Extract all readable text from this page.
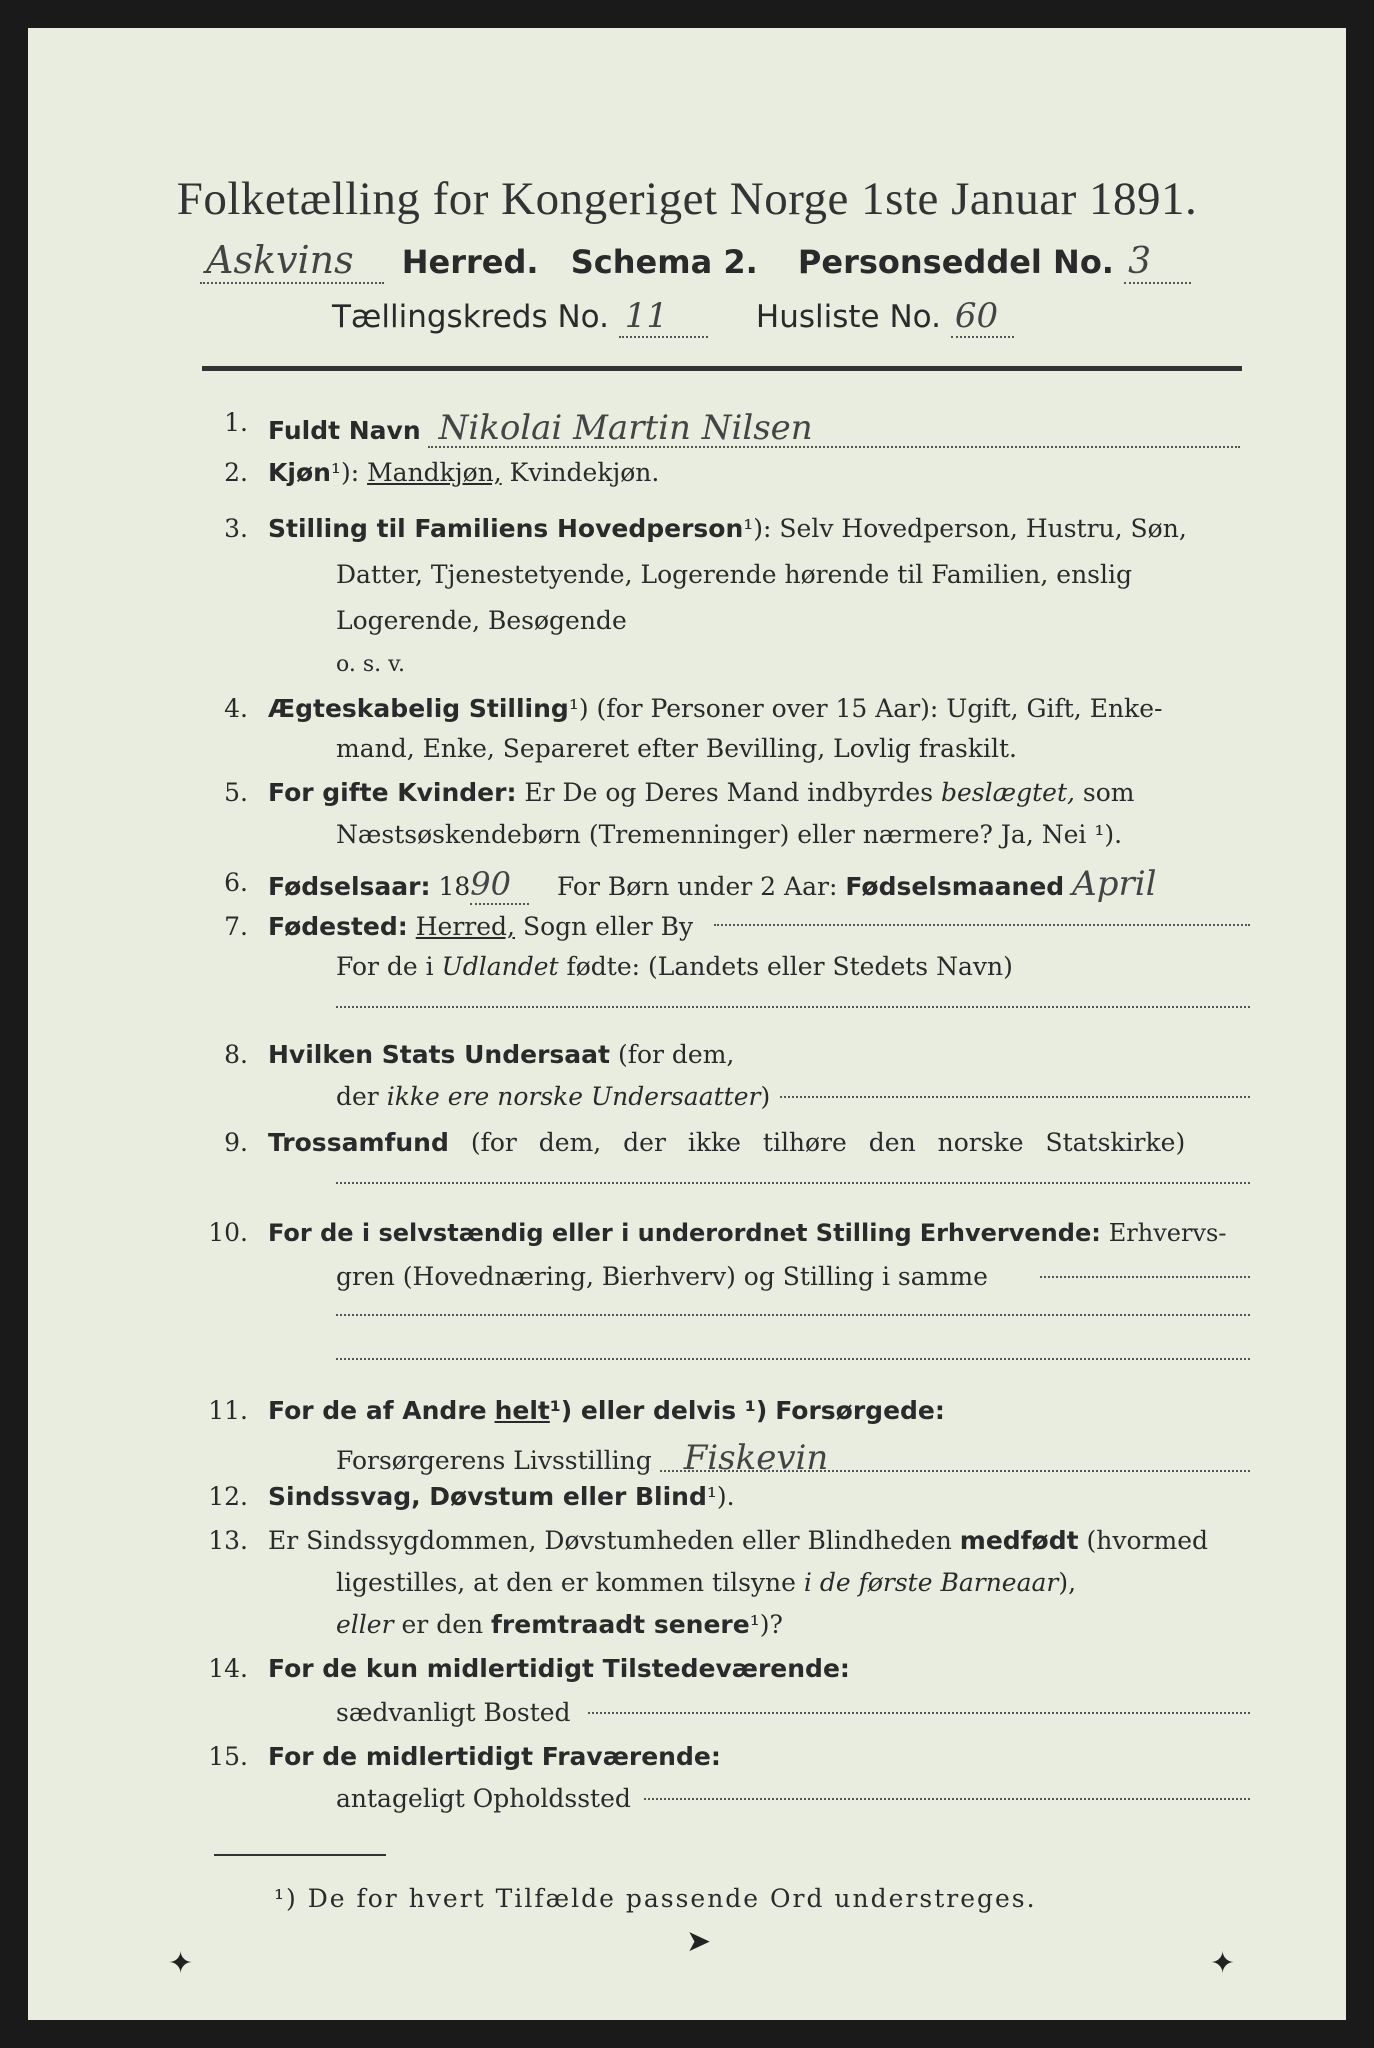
Folketælling for Kongeriget Norge 1ste Januar 1891.
Askvins Herred. Schema 2. Personseddel No. 3
Tællingskreds No. 11	Husliste No. 60
1. Fuldt Navn Nikolai Martin Nilsen
2. Kjøn¹): Mandkjøn, Kvindekjøn.
3. Stilling til Familiens Hovedperson¹): Selv Hovedperson, Hustru, Søn,
Datter, Tjenestetyende, Logerende hørende til Familien, enslig
Logerende, Besøgende
o. s. v.
4. Ægteskabelig Stilling¹) (for Personer over 15 Aar): Ugift, Gift, Enke-
mand, Enke, Separeret efter Bevilling, Lovlig fraskilt.
5. For gifte Kvinder: Er De og Deres Mand indbyrdes beslægtet, som
Næstsøskendebørn (Tremenninger) eller nærmere? Ja, Nei ¹).
6. Fødselsaar: 1890 For Børn under 2 Aar: Fødselsmaaned April
7. Fødested: Herred, Sogn eller By
For de i Udlandet fødte: (Landets eller Stedets Navn)
8. Hvilken Stats Undersaat (for dem,
der ikke ere norske Undersaatter)
9. Trossamfund (for dem, der ikke tilhøre den norske Statskirke)
10. For de i selvstændig eller i underordnet Stilling Erhvervende: Erhvervs-
gren (Hovednæring, Bierhverv) og Stilling i samme
11. For de af Andre helt¹) eller delvis ¹) Forsørgede:
Forsørgerens Livsstilling Fiskevin
12. Sindssvag, Døvstum eller Blind¹).
13. Er Sindssygdommen, Døvstumheden eller Blindheden medfødt (hvormed
ligestilles, at den er kommen tilsyne i de første Barneaar),
eller er den fremtraadt senere¹)?
14. For de kun midlertidigt Tilstedeværende:
sædvanligt Bosted
15. For de midlertidigt Fraværende:
antageligt Opholdssted
¹) De for hvert Tilfælde passende Ord understreges.
✦
➤
✦
